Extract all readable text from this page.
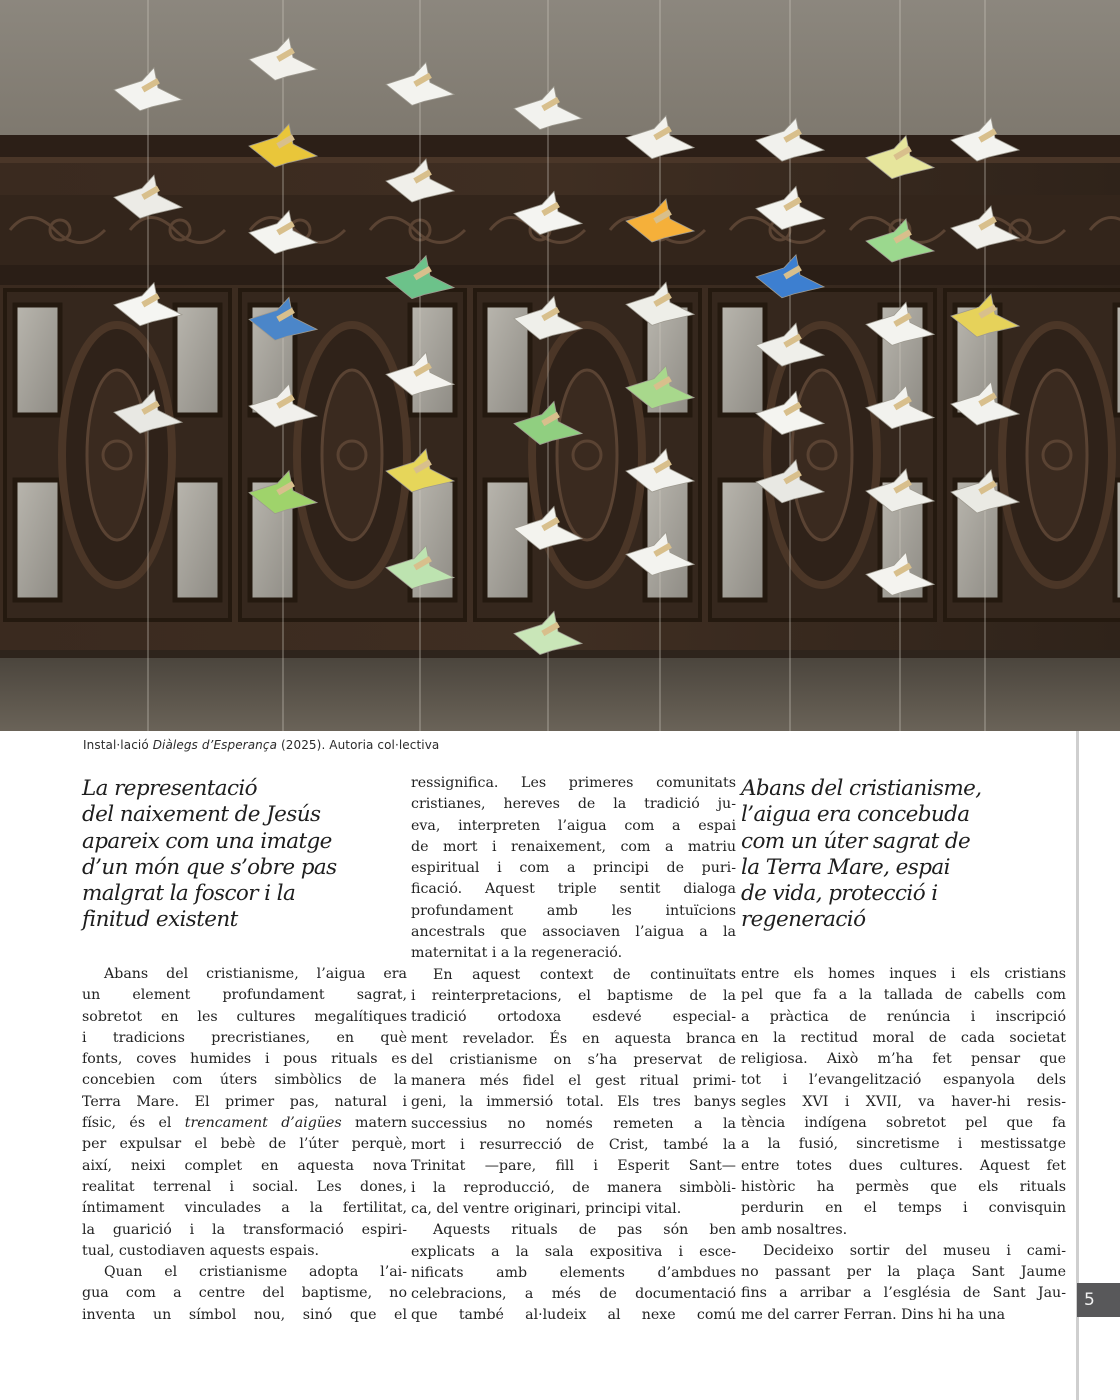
Instal·lació Diàlegs d’Esperança (2025). Autoria col·lectiva
La representació
del naixement de Jesús
apareix com una imatge
d’un món que s’obre pas
malgrat la foscor i la
finitud existent
Abans del cristianisme,
l’aigua era concebuda
com un úter sagrat de
la Terra Mare, espai
de vida, protecció i
regeneració
Abans del cristianisme, l’aigua era
un element profundament sagrat,
sobretot en les cultures megalítiques
i tradicions precristianes, en què
fonts, coves humides i pous rituals es
concebien com úters simbòlics de la
Terra Mare. El primer pas, natural i
físic, és el trencament d’aigües matern
per expulsar el bebè de l’úter perquè,
així, neixi complet en aquesta nova
realitat terrenal i social. Les dones,
íntimament vinculades a la fertilitat,
la guarició i la transformació espiri-
tual, custodiaven aquests espais.
Quan el cristianisme adopta l’ai-
gua com a centre del baptisme, no
inventa un símbol nou, sinó que el
ressignifica. Les primeres comunitats
cristianes, hereves de la tradició ju-
eva, interpreten l’aigua com a espai
de mort i renaixement, com a matriu
espiritual i com a principi de puri-
ficació. Aquest triple sentit dialoga
profundament amb les intuïcions
ancestrals que associaven l’aigua a la
maternitat i a la regeneració.
En aquest context de continuïtats
i reinterpretacions, el baptisme de la
tradició ortodoxa esdevé especial-
ment revelador. És en aquesta branca
del cristianisme on s’ha preservat de
manera més fidel el gest ritual primi-
geni, la immersió total. Els tres banys
successius no només remeten a la
mort i resurrecció de Crist, també la
Trinitat —pare, fill i Esperit Sant—
i la reproducció, de manera simbòli-
ca, del ventre originari, principi vital.
Aquests rituals de pas són ben
explicats a la sala expositiva i esce-
nificats amb elements d’ambdues
celebracions, a més de documentació
que també al·ludeix al nexe comú
entre els homes inques i els cristians
pel que fa a la tallada de cabells com
a pràctica de renúncia i inscripció
en la rectitud moral de cada societat
religiosa. Això m’ha fet pensar que
tot i l’evangelització espanyola dels
segles XVI i XVII, va haver-hi resis-
tència indígena sobretot pel que fa
a la fusió, sincretisme i mestissatge
entre totes dues cultures. Aquest fet
històric ha permès que els rituals
perdurin en el temps i convisquin
amb nosaltres.
Decideixo sortir del museu i cami-
no passant per la plaça Sant Jaume
fins a arribar a l’església de Sant Jau-
me del carrer Ferran. Dins hi ha una
5
